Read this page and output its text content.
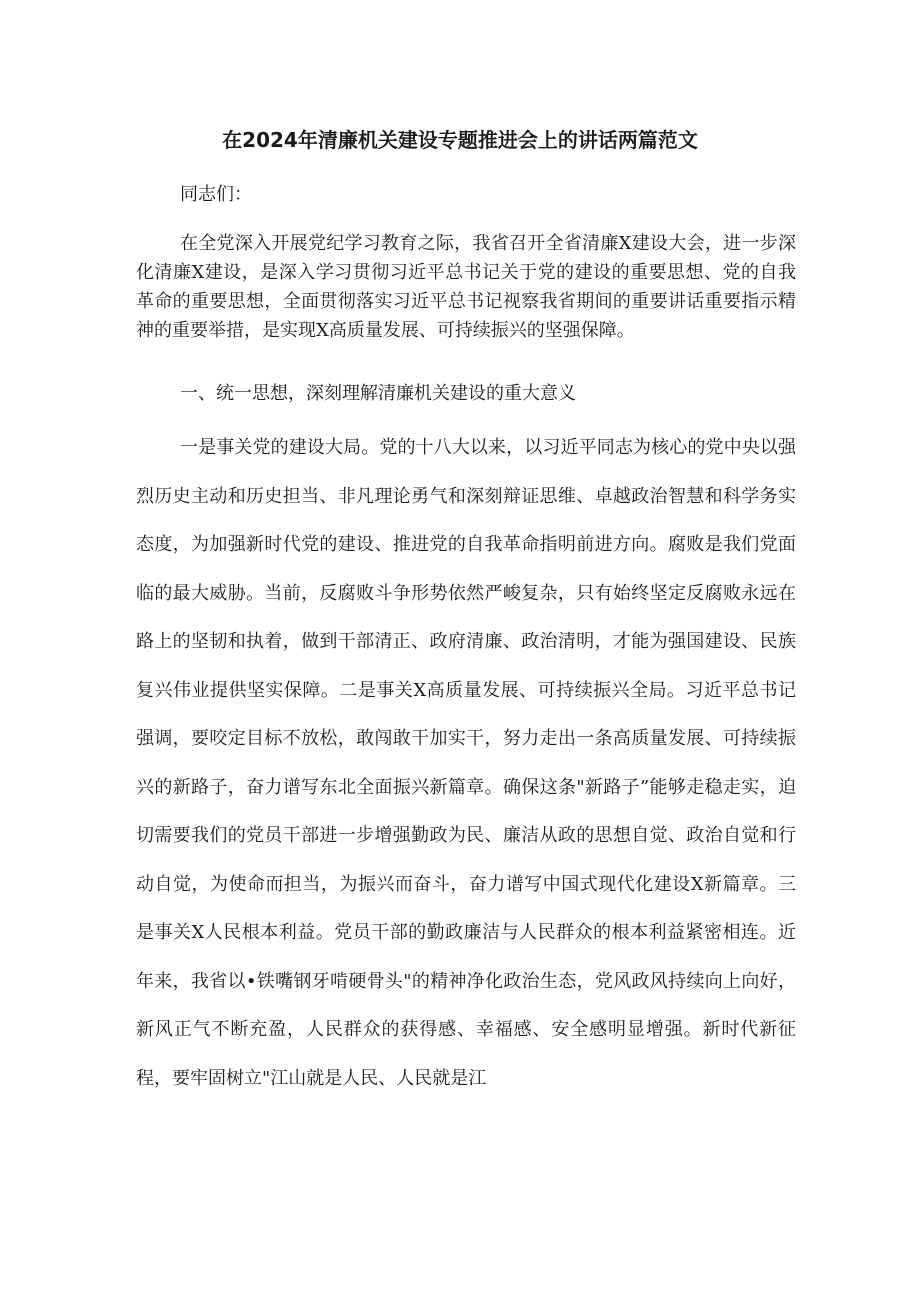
在2024年清廉机关建设专题推进会上的讲话两篇范文

同志们：

在全党深入开展党纪学习教育之际，我省召开全省清廉X建设大会，进一步深化清廉X建设，是深入学习贯彻习近平总书记关于党的建设的重要思想、党的自我革命的重要思想，全面贯彻落实习近平总书记视察我省期间的重要讲话重要指示精神的重要举措，是实现X高质量发展、可持续振兴的坚强保障。

一、统一思想，深刻理解清廉机关建设的重大意义

一是事关党的建设大局。党的十八大以来，以习近平同志为核心的党中央以强烈历史主动和历史担当、非凡理论勇气和深刻辩证思维、卓越政治智慧和科学务实态度，为加强新时代党的建设、推进党的自我革命指明前进方向。腐败是我们党面临的最大威胁。当前，反腐败斗争形势依然严峻复杂，只有始终坚定反腐败永远在路上的坚韧和执着，做到干部清正、政府清廉、政治清明，才能为强国建设、民族复兴伟业提供坚实保障。二是事关X高质量发展、可持续振兴全局。习近平总书记强调，要咬定目标不放松，敢闯敢干加实干，努力走出一条高质量发展、可持续振兴的新路子，奋力谱写东北全面振兴新篇章。确保这条"新路子”能够走稳走实，迫切需要我们的党员干部进一步增强勤政为民、廉洁从政的思想自觉、政治自觉和行动自觉，为使命而担当，为振兴而奋斗，奋力谱写中国式现代化建设X新篇章。三是事关X人民根本利益。党员干部的勤政廉洁与人民群众的根本利益紧密相连。近年来，我省以•铁嘴钢牙啃硬骨头"的精神净化政治生态，党风政风持续向上向好，新风正气不断充盈，人民群众的获得感、幸福感、安全感明显增强。新时代新征程，要牢固树立"江山就是人民、人民就是江
